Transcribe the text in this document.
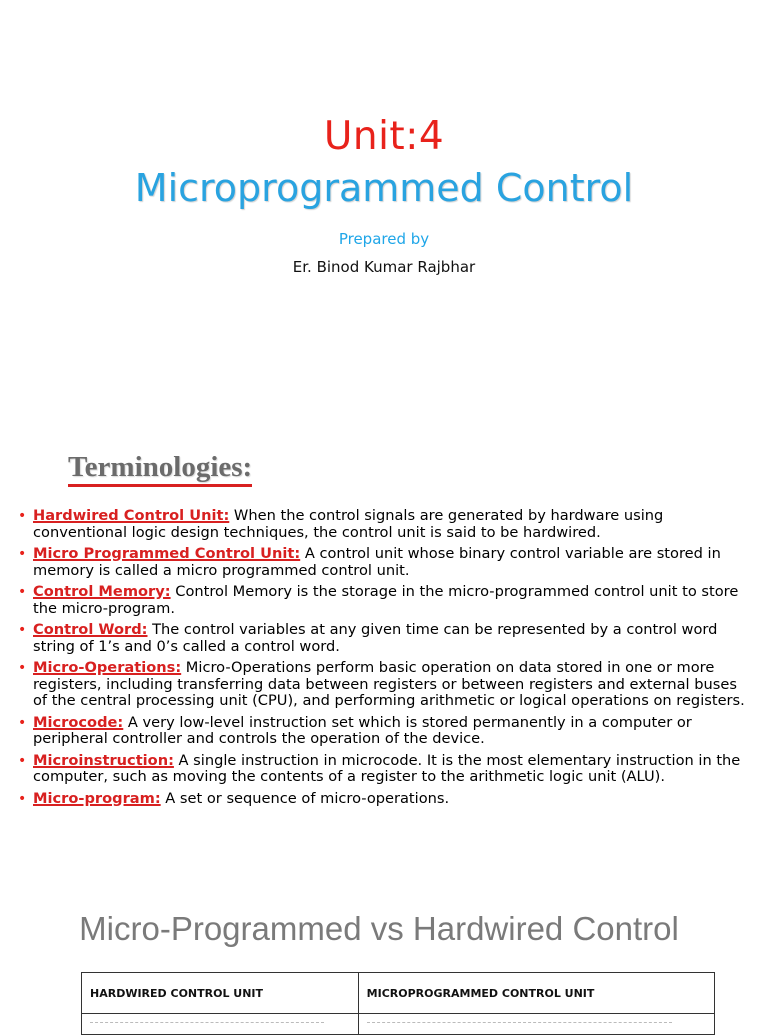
Unit:4
Microprogrammed Control
Prepared by
Er. Binod Kumar Rajbhar
Terminologies:
• Hardwired Control Unit: When the control signals are generated by hardware using conventional logic design techniques, the control unit is said to be hardwired.
• Micro Programmed Control Unit: A control unit whose binary control variable are stored in memory is called a micro programmed control unit.
• Control Memory: Control Memory is the storage in the micro-programmed control unit to store the micro-program.
• Control Word: The control variables at any given time can be represented by a control word string of 1’s and 0’s called a control word.
• Micro-Operations: Micro-Operations perform basic operation on data stored in one or more registers, including transferring data between registers or between registers and external buses of the central processing unit (CPU), and performing arithmetic or logical operations on registers.
• Microcode: A very low-level instruction set which is stored permanently in a computer or peripheral controller and controls the operation of the device.
• Microinstruction: A single instruction in microcode. It is the most elementary instruction in the computer, such as moving the contents of a register to the arithmetic logic unit (ALU).
• Micro-program: A set or sequence of micro-operations.
Micro-Programmed vs Hardwired Control
HARDWIRED CONTROL UNIT	MICROPROGRAMMED CONTROL UNIT
